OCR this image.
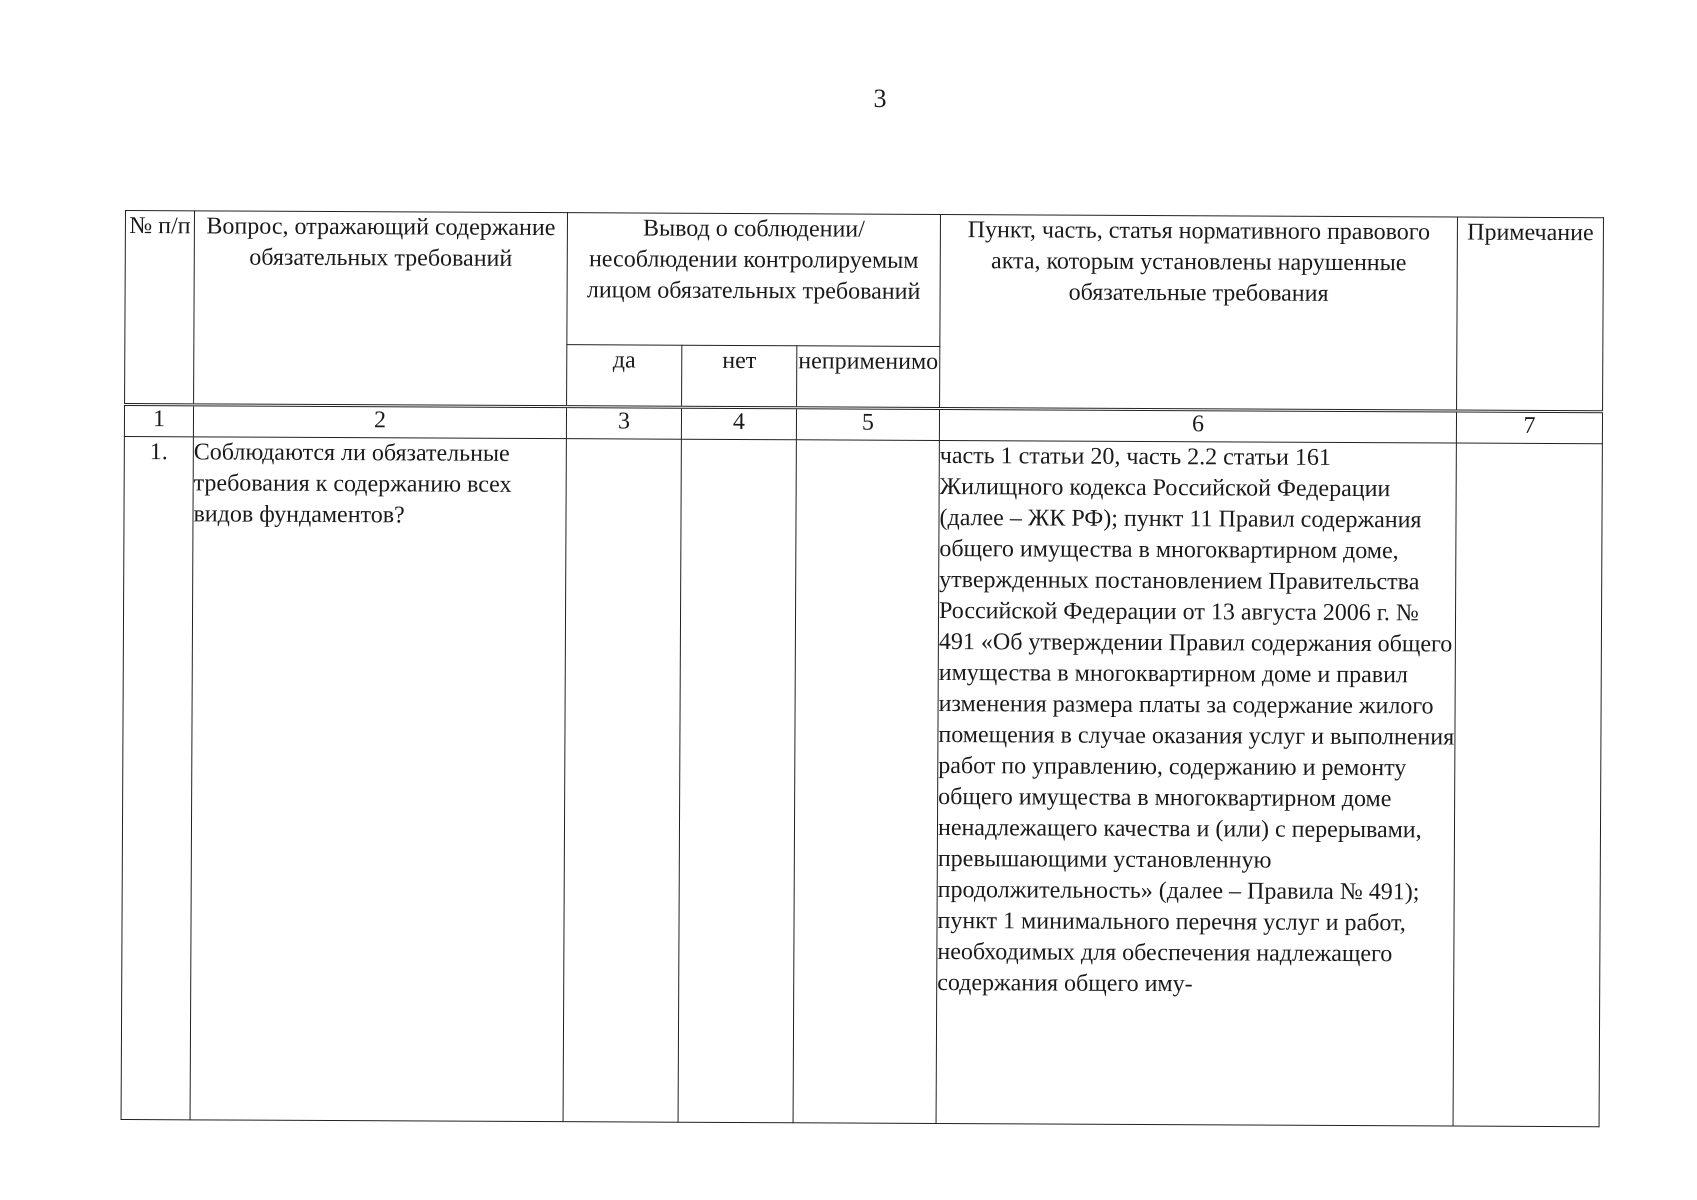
3
№ п/п	Вопрос, отражающий содержание обязательных требований	Вывод о соблюдении/ несоблюдении контролируемым лицом обязательных требований			Пункт, часть, статья нормативного правового акта, которым установлены нарушенные обязательные требования	Примечание
		да	нет	неприменимо		
1	2	3	4	5	6	7
1.	Соблюдаются ли обязательные требования к содержанию всех видов фундаментов?				часть 1 статьи 20, часть 2.2 статьи 161 Жилищного кодекса Российской Федерации (далее – ЖК РФ); пункт 11 Правил содержания общего имущества в многоквартирном доме, утвержденных постановлением Правительства Российской Федерации от 13 августа 2006 г. № 491 «Об утверждении Правил содержания общего имущества в многоквартирном доме и правил изменения размера платы за содержание жилого помещения в случае оказания услуг и выполнения работ по управлению, содержанию и ремонту общего имущества в многоквартирном доме ненадлежащего качества и (или) с перерывами, превышающими установленную продолжительность» (далее – Правила № 491); пункт 1 минимального перечня услуг и работ, необходимых для обеспечения надлежащего содержания общего иму-	
